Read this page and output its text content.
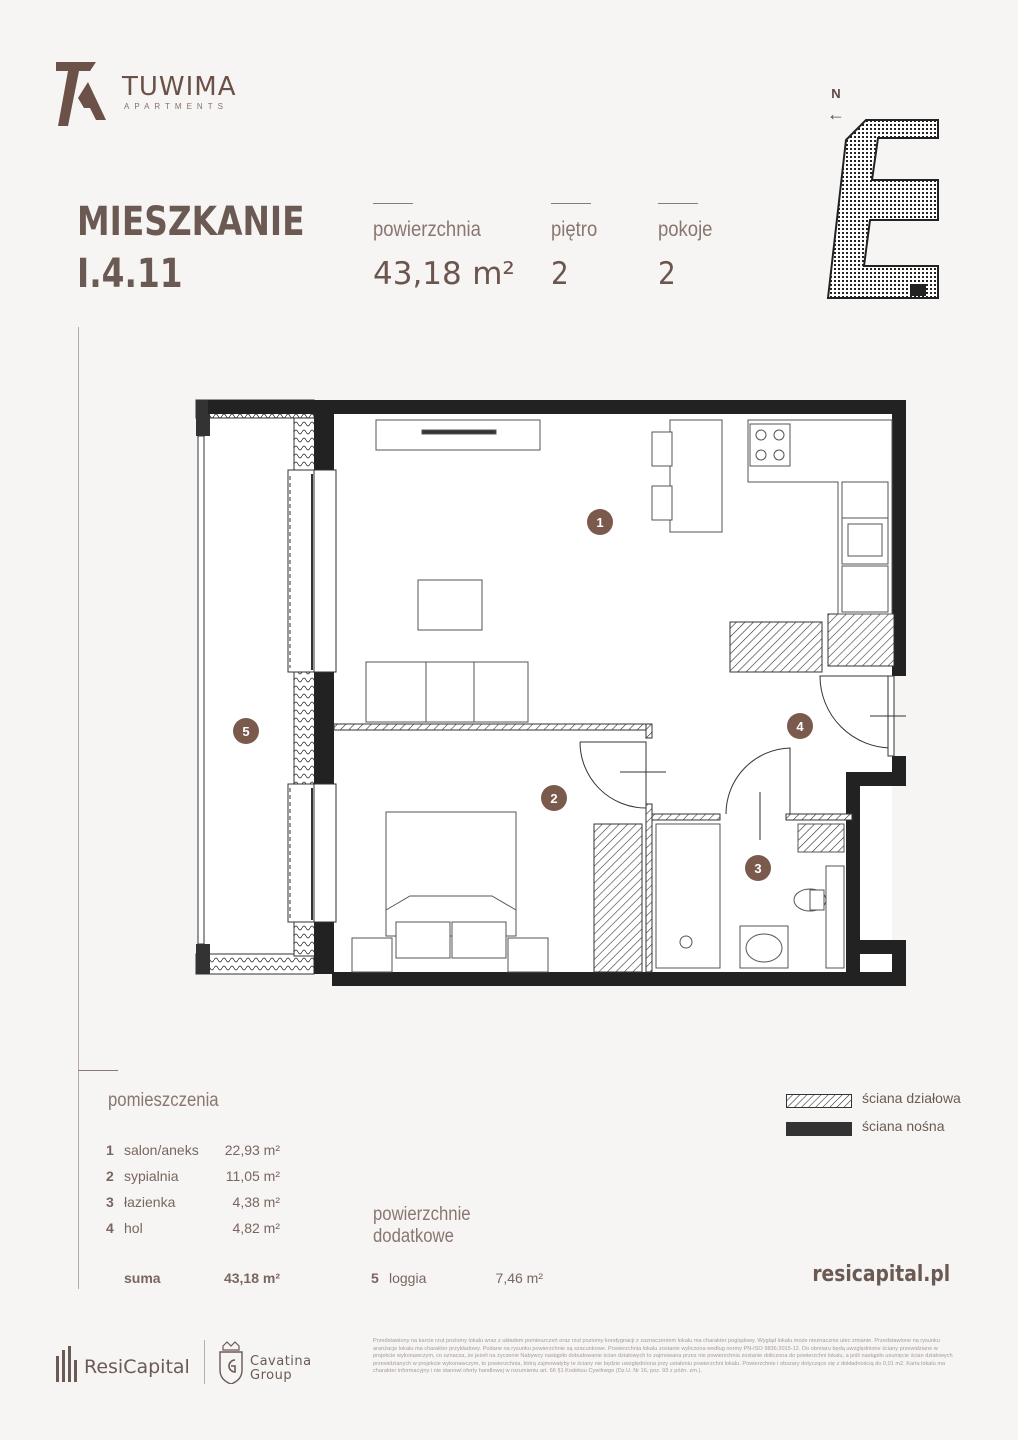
TUWIMA
APARTMENTS
MIESZKANIE
I.4.11
powierzchnia
43,18 m²
piętro
2
pokoje
2
N
←
1
2
3
4
5
pomieszczenia
1 salon/aneks 22,93 m²
2 sypialnia	11,05 m²
3 łazienka	4,38 m²
4 hol	4,82 m²
suma	43,18 m²
powierzchnie
dodatkowe
5 loggia	7,46 m²
ściana działowa
ściana nośna
resicapital.pl
ResiCapital	Cavatina
Group
Przedstawiony na karcie rzut poziomy lokalu wraz z układem pomieszczeń oraz rzut poziomy kondygnacji z zaznaczeniem lokalu ma charakter poglądowy. Wygląd lokalu może nieznacznie ulec zmianie. Przedstawione na rysunku aranżacje lokalu ma charakter przykładowy. Podane na rysunku powierzchnie są szacunkowe. Powierzchnia lokalu zostanie wyliczona według normy PN-ISO 9836:2015-12. Do obmiaru będą uwzględnione ściany przewidziane w projekcie wykonawczym, co oznacza, że jeżeli na życzenie Nabywcy nastąpiło dobudowanie ścian działowych to zajmowana przez nie powierzchnia zostanie doliczona do powierzchni lokalu, a jeśli nastąpiło usunięcie ścian działowych przewidzianych w projekcie wykonawczym, to powierzchnia, którą zajmowałyby te ściany nie będzie uwzględniona przy ustaleniu powierzchni lokalu. Powierzchnie i obszary dotyczące się z dokładnością do 0,01 m2. Karta lokalu ma charakter informacyjny i nie stanowi oferty handlowej w rozumieniu art. 66 §1 Kodeksu Cywilnego (Dz.U. Nr 16, poz. 93 z późn. zm.).
